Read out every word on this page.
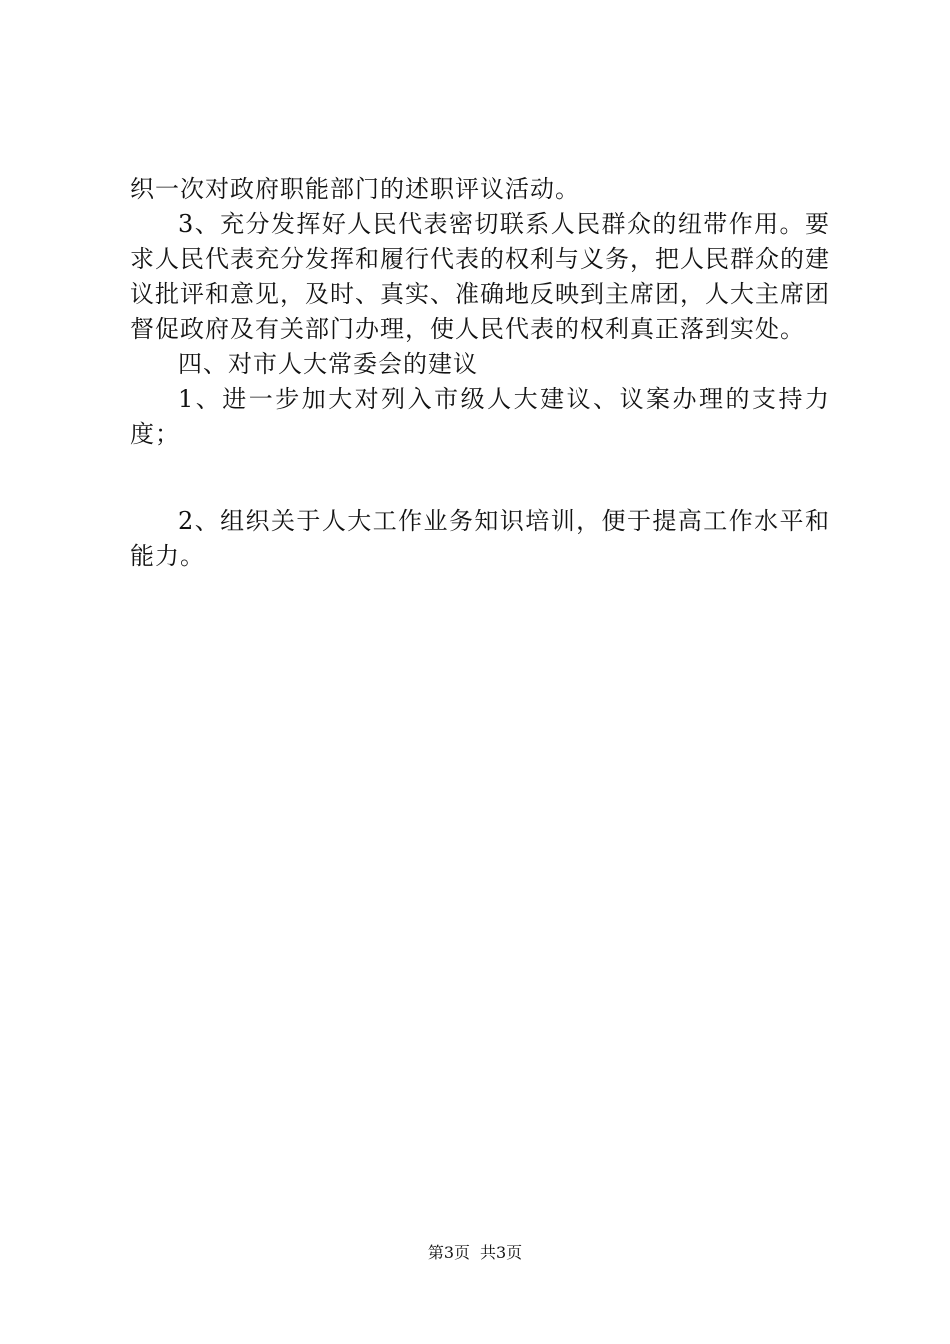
织一次对政府职能部门的述职评议活动。

3、充分发挥好人民代表密切联系人民群众的纽带作用。要求人民代表充分发挥和履行代表的权利与义务，把人民群众的建议批评和意见，及时、真实、准确地反映到主席团，人大主席团督促政府及有关部门办理，使人民代表的权利真正落到实处。

四、对市人大常委会的建议

1、进一步加大对列入市级人大建议、议案办理的支持力度；

2、组织关于人大工作业务知识培训，便于提高工作水平和能力。

第3页 共3页
